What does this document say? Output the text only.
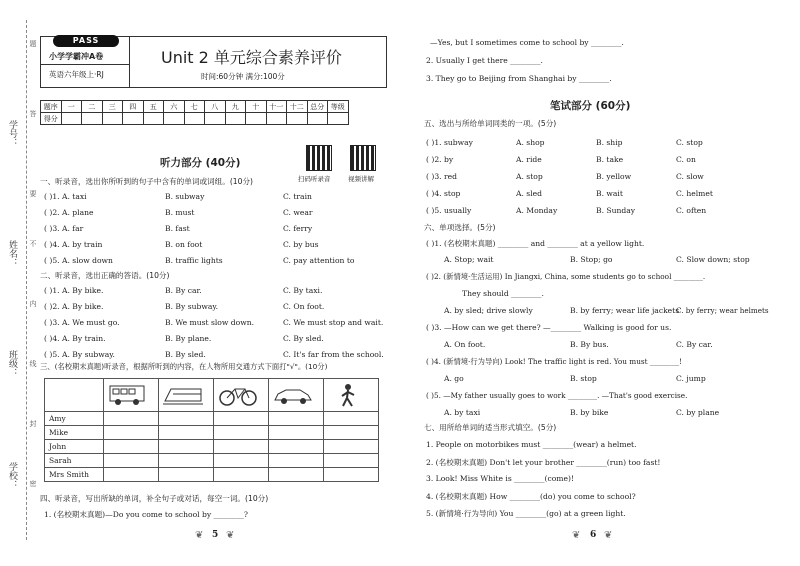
学号：
姓名：
班级：
学校：
题
答
要
不
内
线
封
密
PASS
小学学霸冲A卷
英语六年级上·RJ
Unit 2 单元综合素养评价
时间:60分钟 满分:100分
题序	一	二	三	四	五	六	七	八	九	十	十一	十二	总分	等级
得分														
听力部分 (40分)
扫码听录音	视频讲解
一、听录音，选出你所听到的句子中含有的单词或词组。(10分)
( )1. A. taxi	B. subway	C. train
( )2. A. plane	B. must	C. wear
( )3. A. far	B. fast	C. ferry
( )4. A. by train	B. on foot	C. by bus
( )5. A. slow down	B. traffic lights	C. pay attention to
二、听录音，选出正确的答语。(10分)
( )1. A. By bike.	B. By car.	C. By taxi.
( )2. A. By bike.	B. By subway.	C. On foot.
( )3. A. We must go.	B. We must slow down.	C. We must stop and wait.
( )4. A. By train.	B. By plane.	C. By sled.
( )5. A. By subway.	B. By sled.	C. It's far from the school.
三、(名校期末真题)听录音，根据所听到的内容，在人物所用交通方式下面打"√"。(10分)

Amy					
Mike					
John					
Sarah					
Mrs Smith					
四、听录音，写出所缺的单词，补全句子或对话，每空一词。(10分)
1. (名校期末真题)—Do you come to school by ________?
❦ 5 ❦
—Yes, but I sometimes come to school by ________.
2. Usually I get there ________.
3. They go to Beijing from Shanghai by ________.
笔试部分 (60分)
五、选出与所给单词同类的一项。(5分)
( )1. subway	A. shop	B. ship	C. stop
( )2. by	A. ride	B. take	C. on
( )3. red	A. stop	B. yellow	C. slow
( )4. stop	A. sled	B. wait	C. helmet
( )5. usually	A. Monday	B. Sunday	C. often
六、单项选择。(5分)
( )1. (名校期末真题) ________ and ________ at a yellow light.
A. Stop; wait	B. Stop; go	C. Slow down; stop
( )2. (新情境·生活运用) In Jiangxi, China, some students go to school ________.
They should ________.
A. by sled; drive slowly	B. by ferry; wear life jackets
C. by ferry; wear helmets
( )3. —How can we get there? —________ Walking is good for us.
A. On foot.	B. By bus.	C. By car.
( )4. (新情境·行为导向) Look! The traffic light is red. You must ________!
A. go	B. stop	C. jump
( )5. —My father usually goes to work ________. —That's good exercise.
A. by taxi	B. by bike	C. by plane
七、用所给单词的适当形式填空。(5分)
1. People on motorbikes must ________(wear) a helmet.
2. (名校期末真题) Don't let your brother ________(run) too fast!
3. Look! Miss White is ________(come)!
4. (名校期末真题) How ________(do) you come to school?
5. (新情境·行为导向) You ________(go) at a green light.
❦ 6 ❦
